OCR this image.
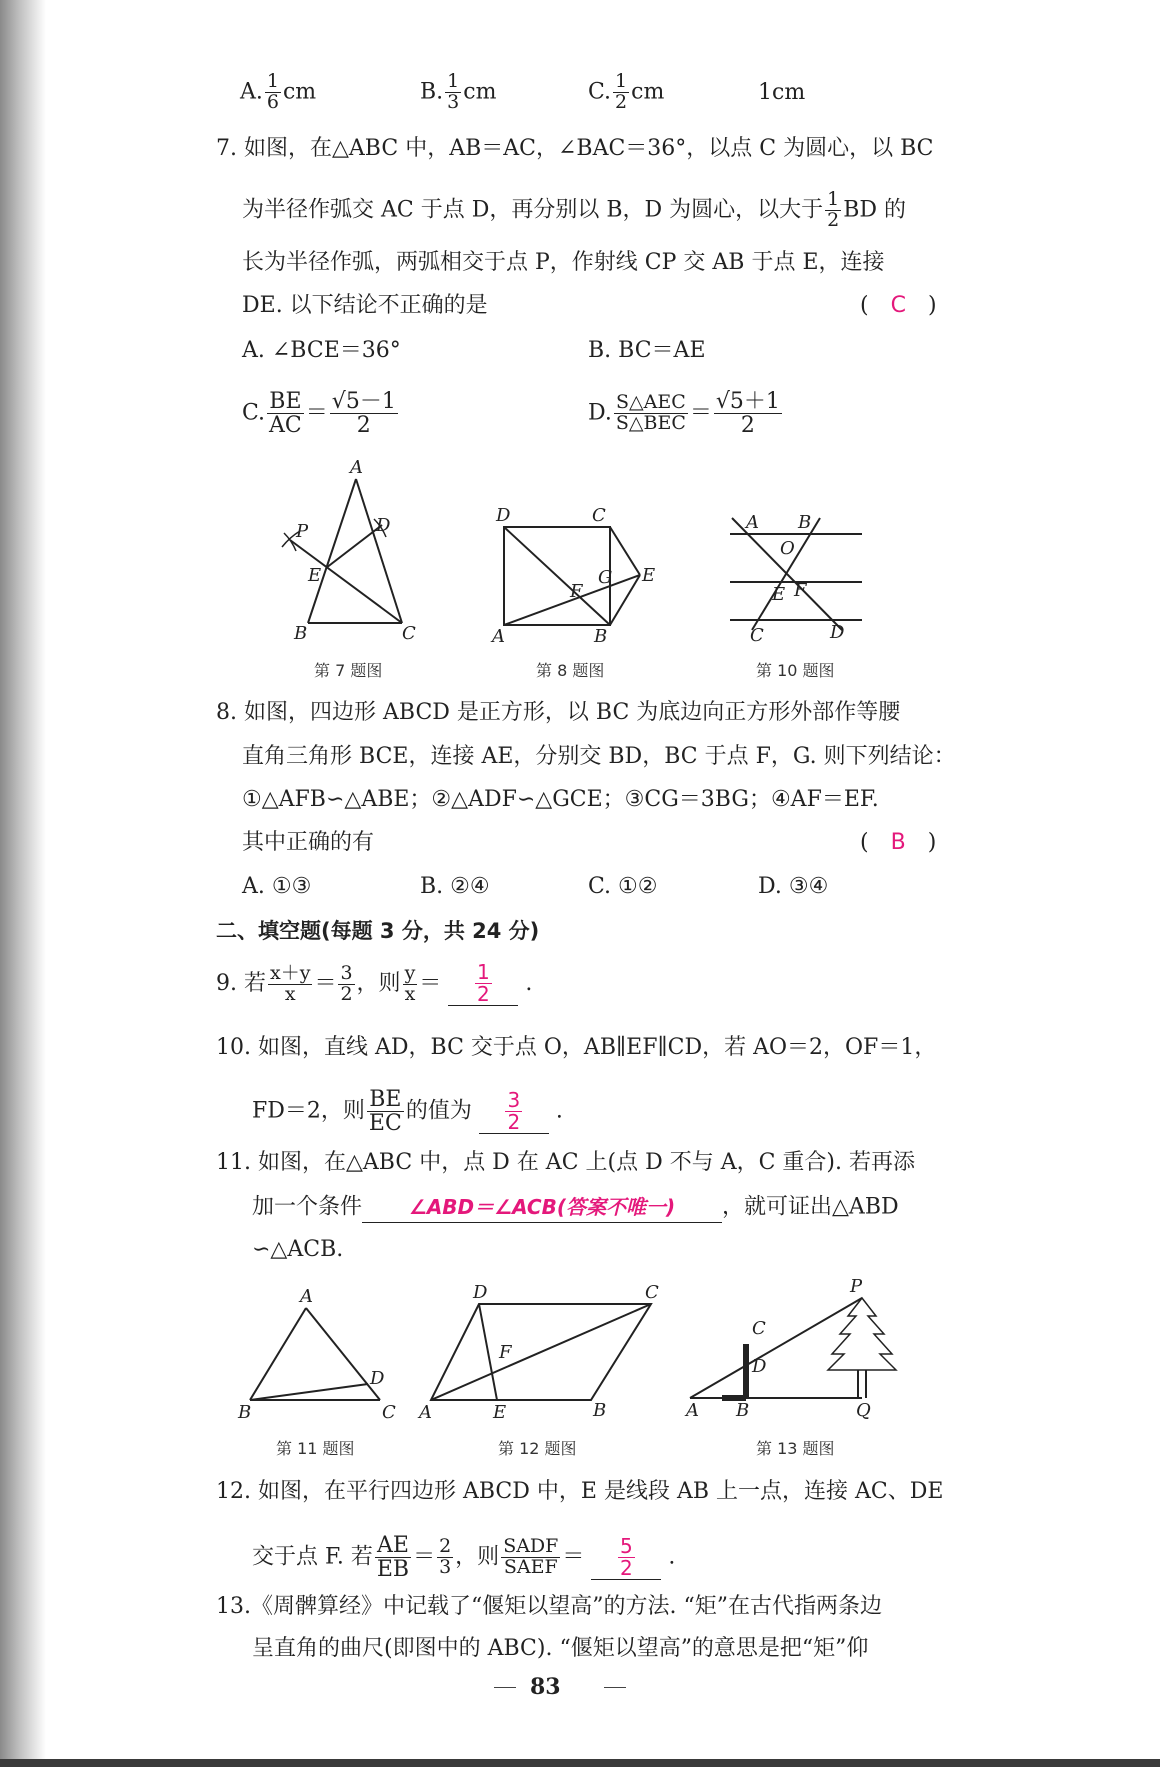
A. $\frac{1}{6}$ cm	B. $\frac{1}{3}$ cm	C. $\frac{1}{2}$ cm	1cm
7. 如图，在△ABC 中，AB＝AC，∠BAC＝36°，以点 C 为圆心，以 BC
为半径作弧交 AC 于点 D，再分别以 B，D 为圆心，以大于 $\frac{1}{2}$ BD 的
长为半径作弧，两弧相交于点 P，作射线 CP 交 AB 于点 E，连接
DE. 以下结论不正确的是	(　C　)
A. ∠BCE＝36°	B. BC＝AE
C. $\frac{BE}{AC} = \frac{√5-1}{2}$	D. $\frac{\text{S△AEC}}{\text{S△BEC}} = \frac{√5+1}{2}$
A
B	C
D
E
P
第 7 题图
D	C
A	B
E
F
G
第 8 题图
A B
O
E F
C	D
第 10 题图
8. 如图，四边形 ABCD 是正方形，以 BC 为底边向正方形外部作等腰
直角三角形 BCE，连接 AE，分别交 BD，BC 于点 F，G. 则下列结论：
①△AFB∽△ABE；②△ADF∽△GCE；③CG＝3BG；④AF＝EF.
其中正确的有	(　B　)
A. ①③	B. ②④	C. ①②	D. ③④
二、填空题(每题 3 分，共 24 分)
9. 若 $\frac{x+y}{x} = \frac{3}{2}$ ，则 $\frac{y}{x} = \frac{1}{2}$ .
10. 如图，直线 AD，BC 交于点 O，AB∥EF∥CD，若 AO＝2，OF＝1，
FD＝2，则 $\frac{BE}{EC}$ 的值为 $\frac{3}{2}$ .
11. 如图，在△ABC 中，点 D 在 AC 上(点 D 不与 A，C 重合). 若再添
加一个条件 ∠ABD＝∠ACB(答案不唯一) ，就可证出△ABD
∽△ACB.
A
B	C
D
第 11 题图
D	C
A	E	B
F
第 12 题图
P
C
D
A B	Q
第 13 题图
12. 如图，在平行四边形 ABCD 中，E 是线段 AB 上一点，连接 AC、DE
交于点 F. 若 $\frac{AE}{EB} = \frac{2}{3}$ ，则 $\frac{\text{SADF}}{\text{SAEF}} = \frac{5}{2}$ .
13.《周髀算经》中记载了“偃矩以望高”的方法. “矩”在古代指两条边
呈直角的曲尺(即图中的 ABC). “偃矩以望高”的意思是把“矩”仰
83
